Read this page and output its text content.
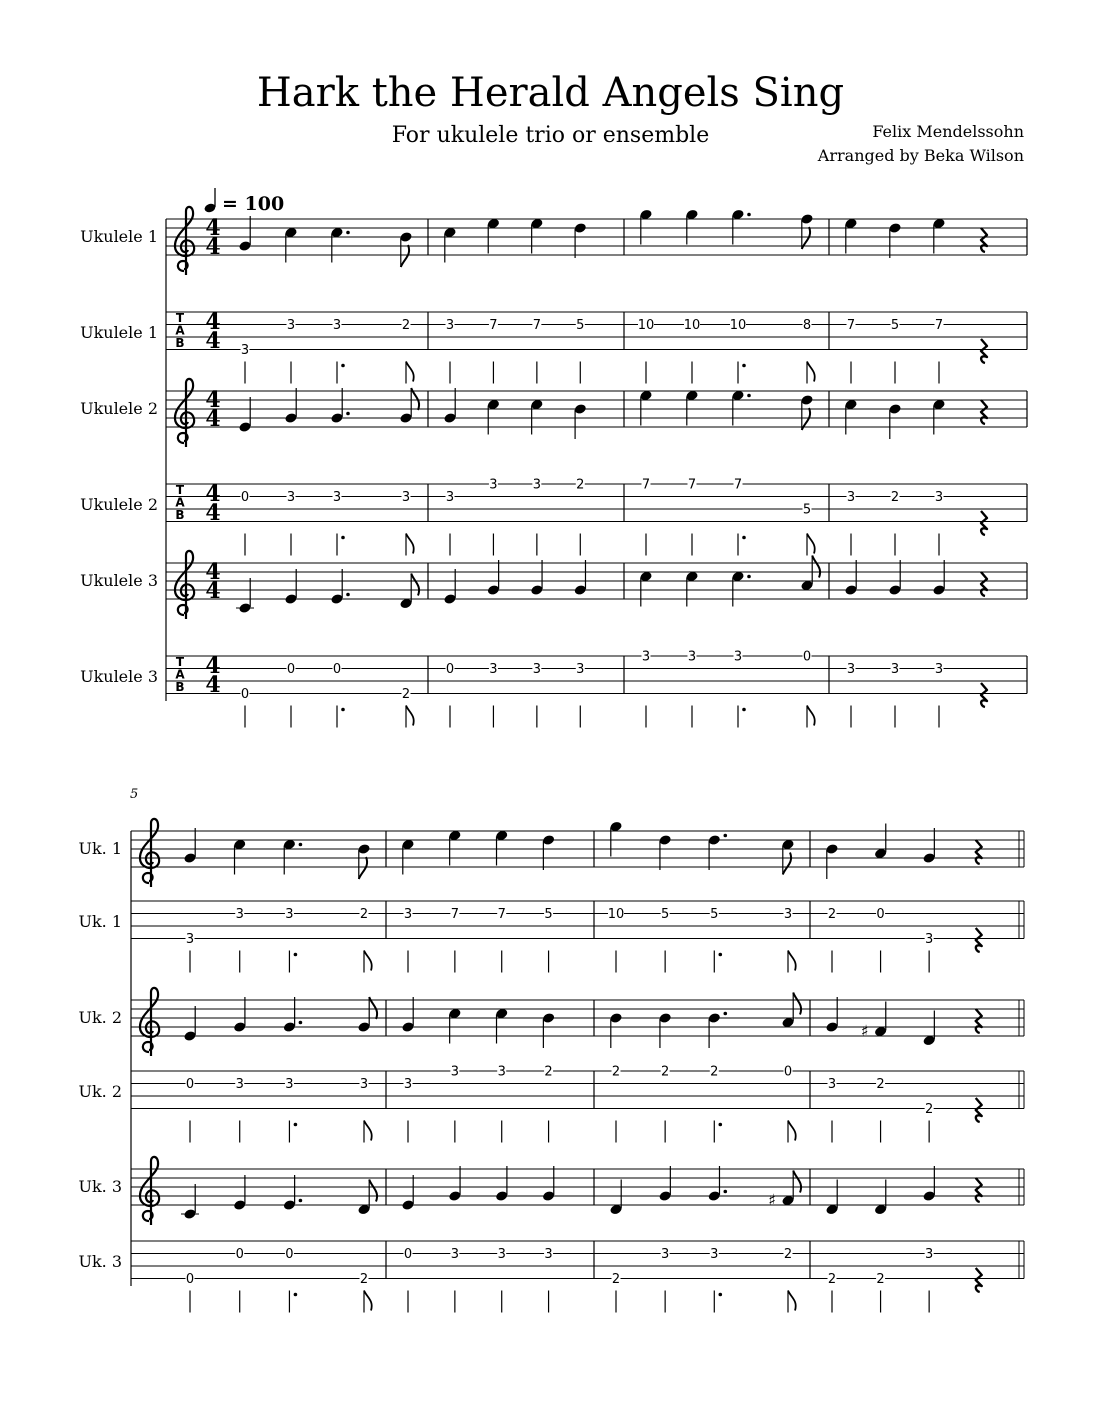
Hark the Herald Angels Sing
For ukulele trio or ensemble	Felix Mendelssohn
Arranged by Beka Wilson
= 100
Ukulele 1 4
4
Ukulele 1
T
A
B
4
4 3
3	3	2	3	7	7	5	10 10 10	8	7	5	7
Ukulele 2 4
4
Ukulele 2
T
A
B
4
4
0	3	3	3	3
3	3	2	7	7	7
5
3	2	3
Ukulele 3 4
4
Ukulele 3
T
A
B
4
4 0
0	0
2
0	3	3	3
3	3	3	0
3	3	3
5
Uk. 1
Uk. 1
3
3	3	2	3	7	7	5	10	5	5	3	2	0
3
Uk. 2
♯
Uk. 2	0	3	3	3	3
3	3	2	2	2	2	0
3	2
2
Uk. 3
♯
Uk. 3
0
0	0
2
0	3	3	3
2
3	3	2
2	2
3
